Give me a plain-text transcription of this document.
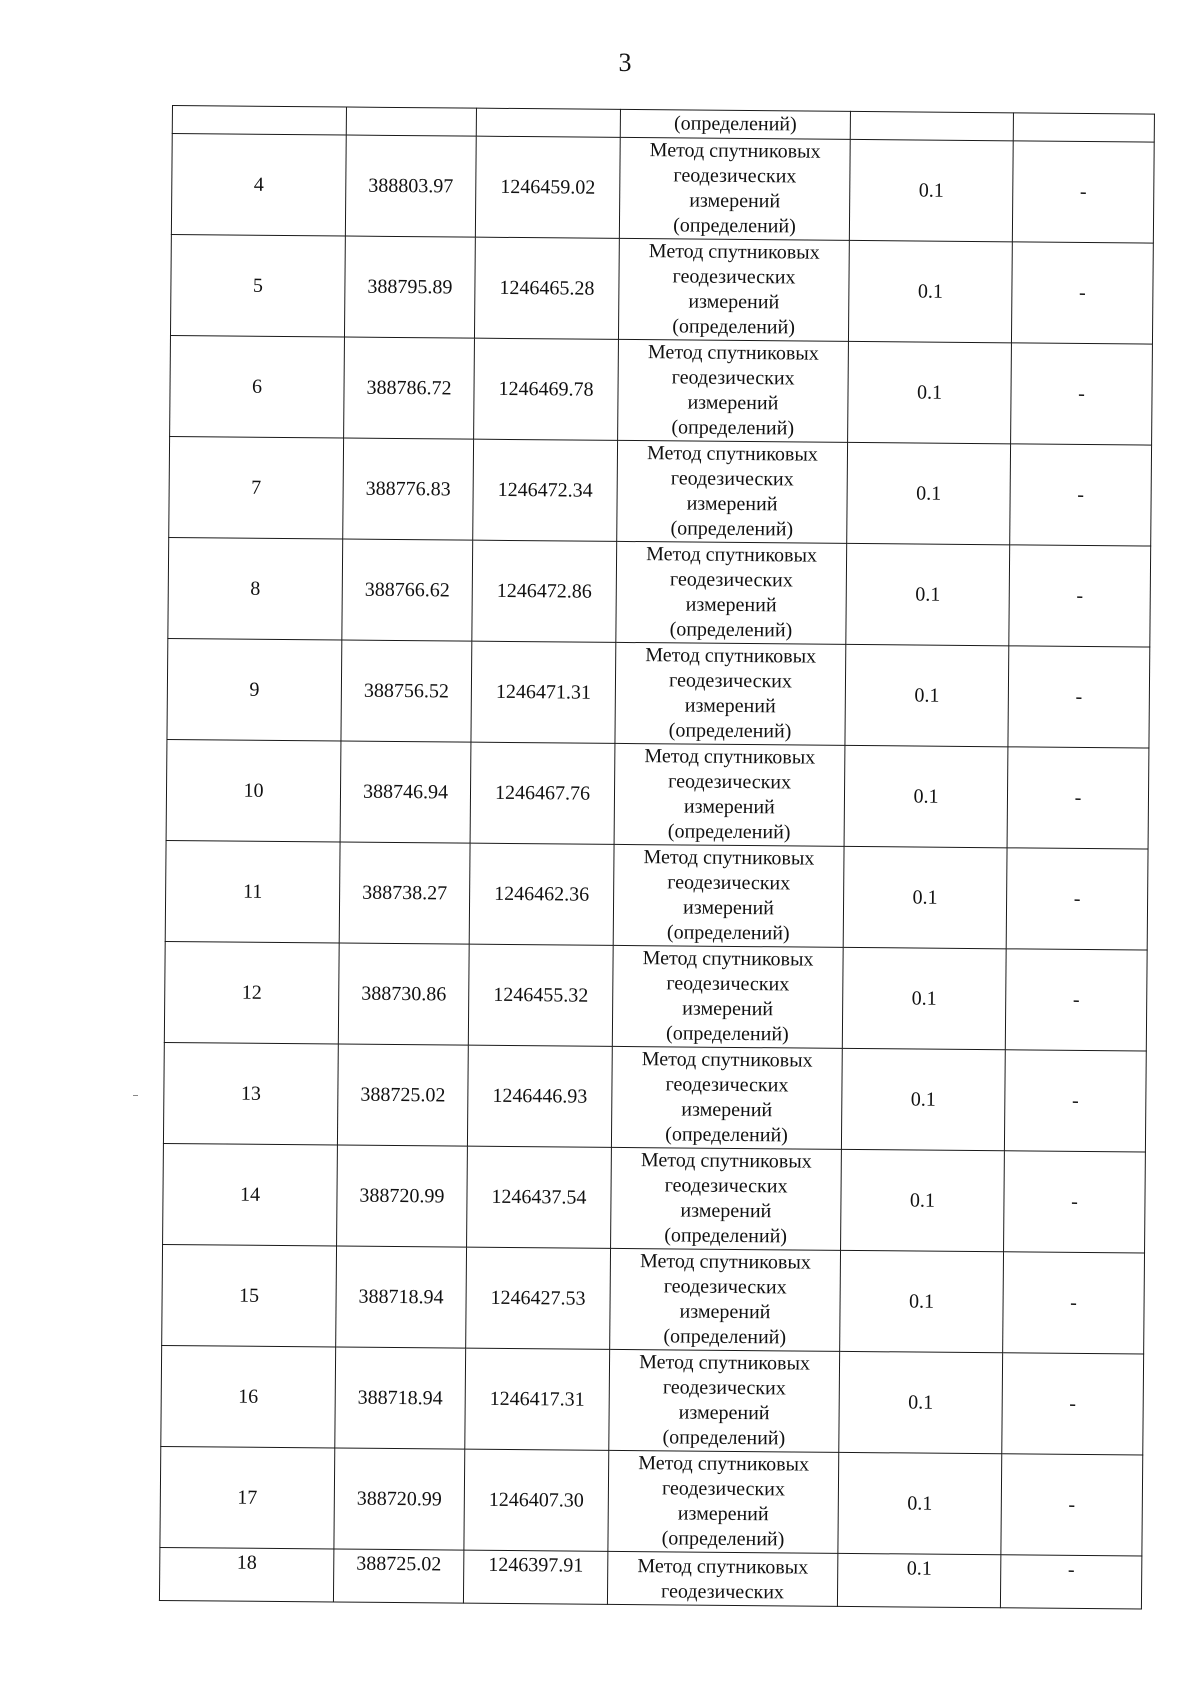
3

			(определений)		

4	388803.97	1246459.02	Метод спутниковых
геодезических
измерений
(определений)	0.1	-
5	388795.89	1246465.28	Метод спутниковых
геодезических
измерений
(определений)	0.1	-
6	388786.72	1246469.78	Метод спутниковых
геодезических
измерений
(определений)	0.1	-
7	388776.83	1246472.34	Метод спутниковых
геодезических
измерений
(определений)	0.1	-
8	388766.62	1246472.86	Метод спутниковых
геодезических
измерений
(определений)	0.1	-
9	388756.52	1246471.31	Метод спутниковых
геодезических
измерений
(определений)	0.1	-
10	388746.94	1246467.76	Метод спутниковых
геодезических
измерений
(определений)	0.1	-
11	388738.27	1246462.36	Метод спутниковых
геодезических
измерений
(определений)	0.1	-
12	388730.86	1246455.32	Метод спутниковых
геодезических
измерений
(определений)	0.1	-
13	388725.02	1246446.93	Метод спутниковых
геодезических
измерений
(определений)	0.1	-
14	388720.99	1246437.54	Метод спутниковых
геодезических
измерений
(определений)	0.1	-
15	388718.94	1246427.53	Метод спутниковых
геодезических
измерений
(определений)	0.1	-
16	388718.94	1246417.31	Метод спутниковых
геодезических
измерений
(определений)	0.1	-
17	388720.99	1246407.30	Метод спутниковых
геодезических
измерений
(определений)	0.1	-
18	388725.02	1246397.91	Метод спутниковых
геодезических	0.1	-
